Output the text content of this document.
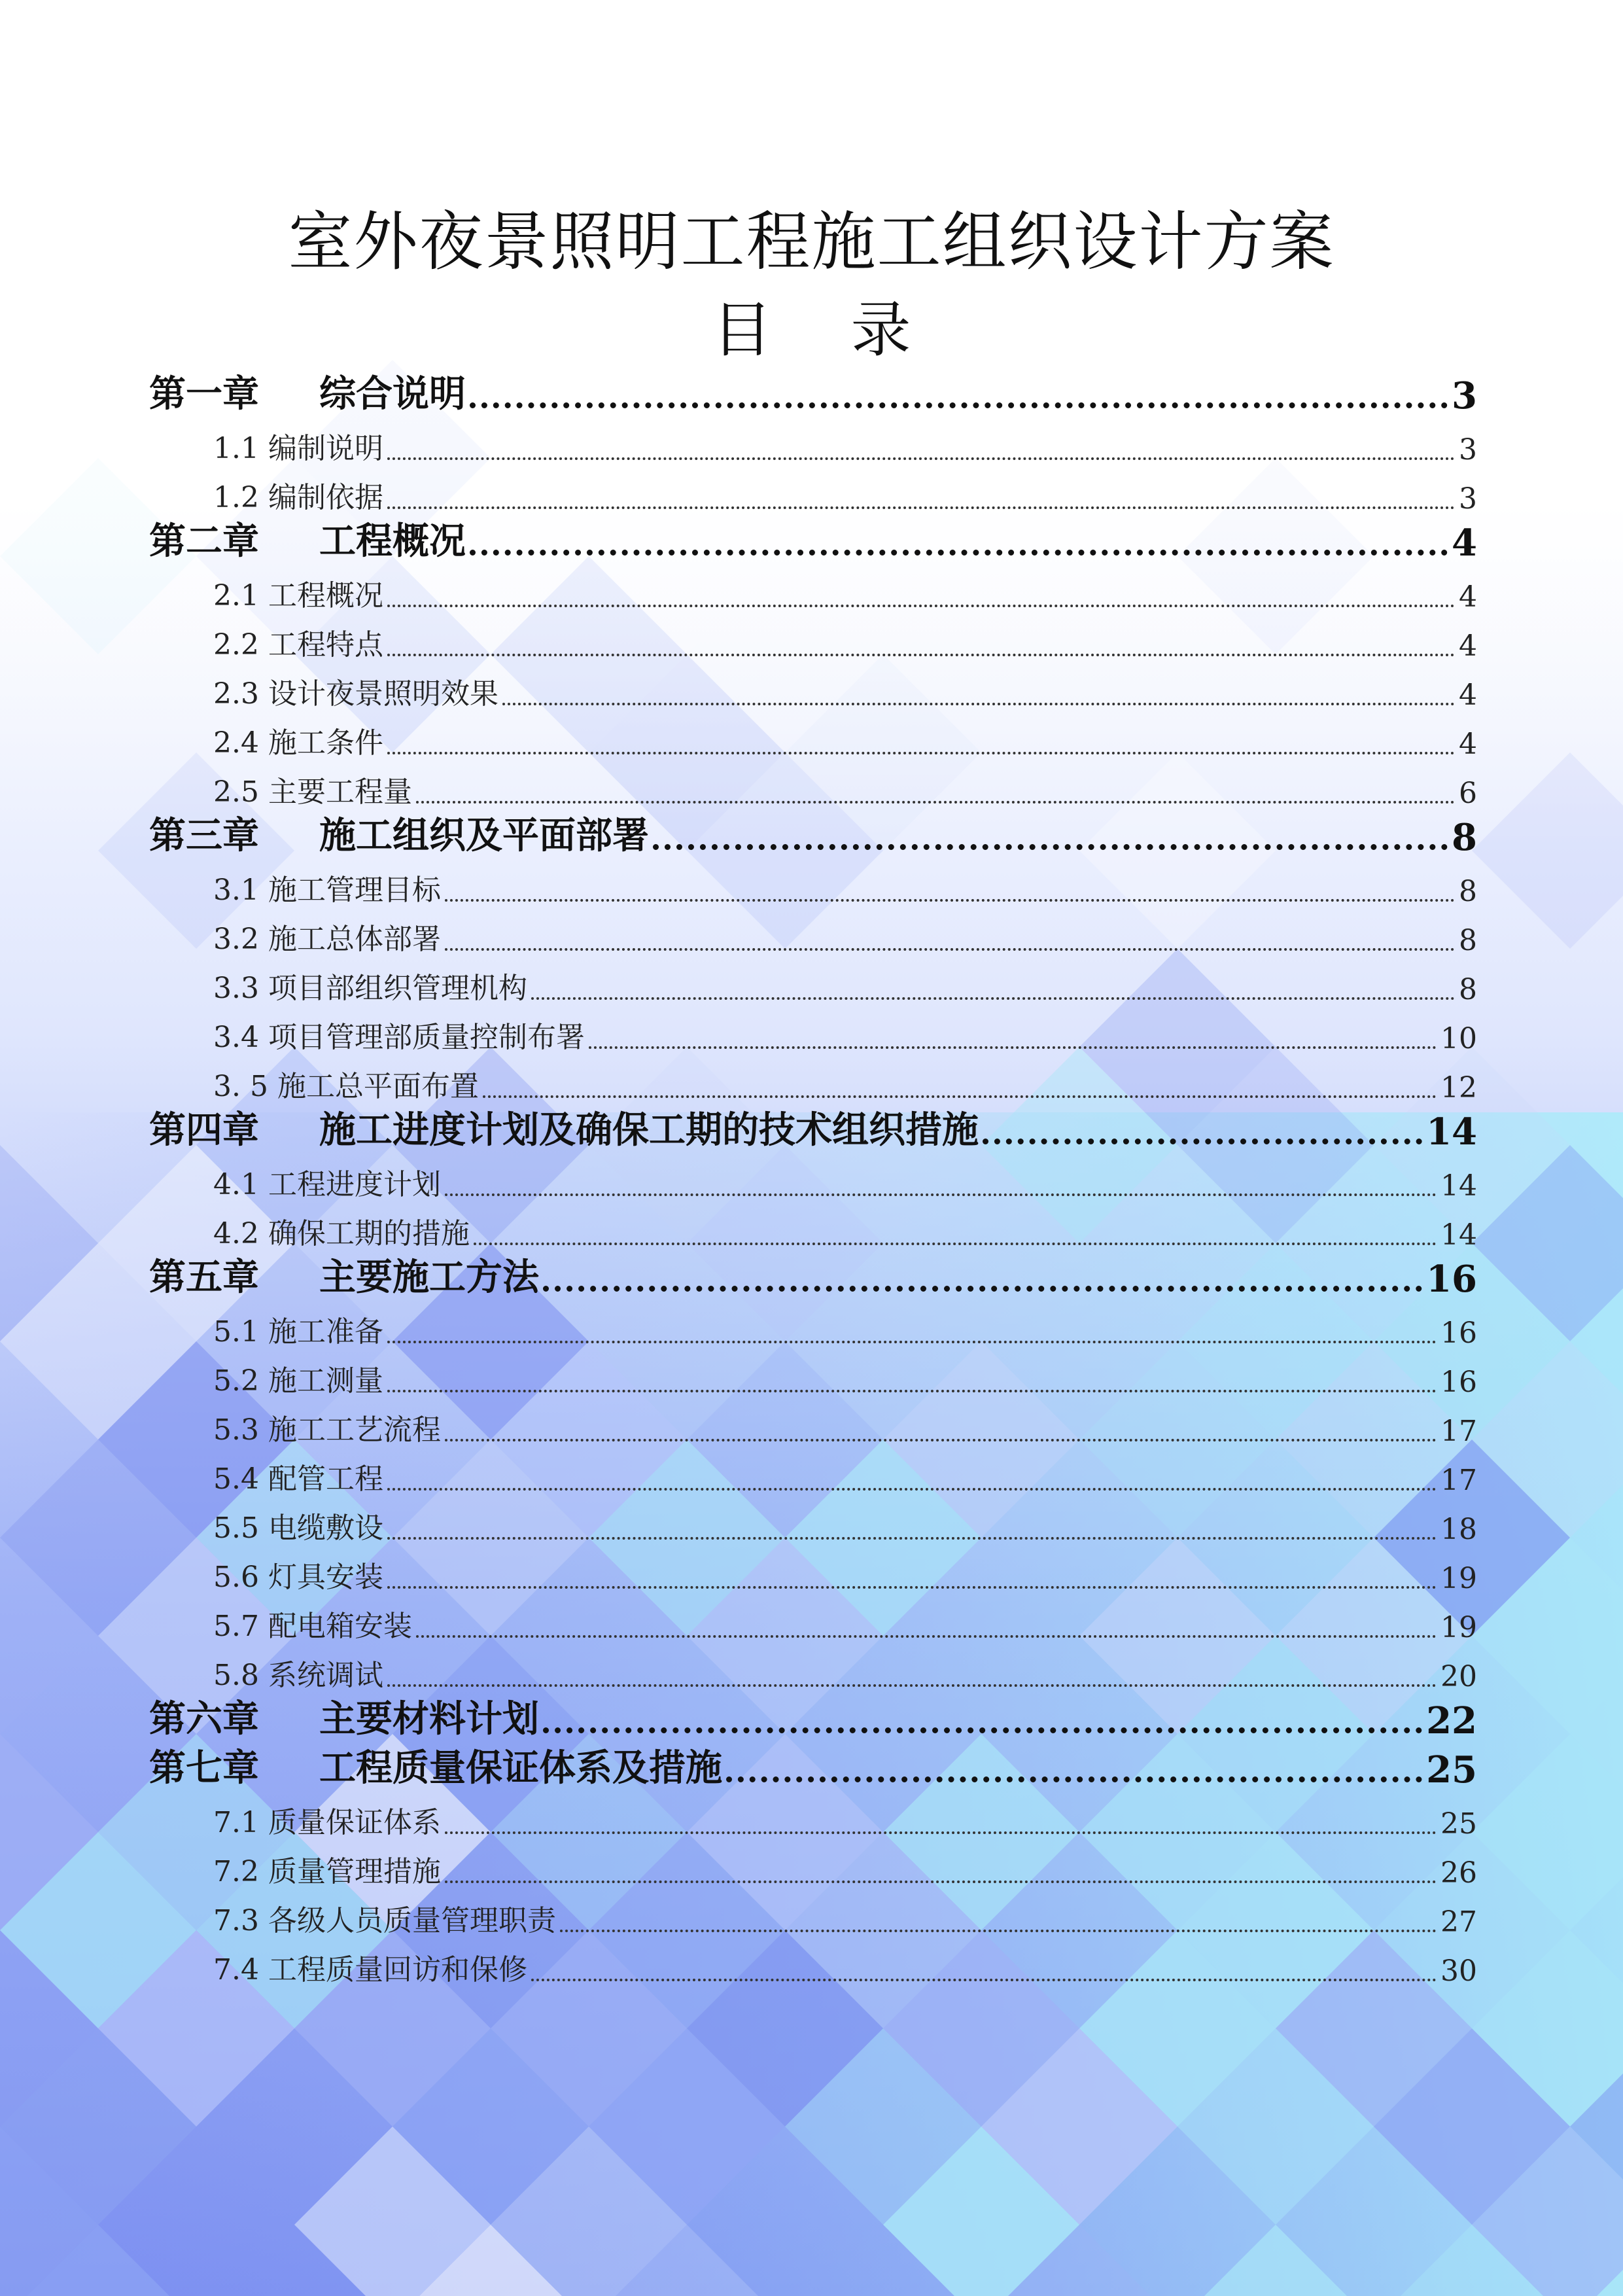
室外夜景照明工程施工组织设计方案
目 录
第一章	综合说明	3
1.1 编制说明	3
1.2 编制依据	3
第二章	工程概况	4
2.1 工程概况	4
2.2 工程特点	4
2.3 设计夜景照明效果	4
2.4 施工条件	4
2.5 主要工程量	6
第三章	施工组织及平面部署	8
3.1 施工管理目标	8
3.2 施工总体部署	8
3.3 项目部组织管理机构	8
3.4 项目管理部质量控制布署	10
3. 5 施工总平面布置	12
第四章	施工进度计划及确保工期的技术组织措施	14
4.1 工程进度计划	14
4.2 确保工期的措施	14
第五章	主要施工方法	16
5.1 施工准备	16
5.2 施工测量	16
5.3 施工工艺流程	17
5.4 配管工程	17
5.5 电缆敷设	18
5.6 灯具安装	19
5.7 配电箱安装	19
5.8 系统调试	20
第六章	主要材料计划	22
第七章	工程质量保证体系及措施	25
7.1 质量保证体系	25
7.2 质量管理措施	26
7.3 各级人员质量管理职责	27
7.4 工程质量回访和保修	30
